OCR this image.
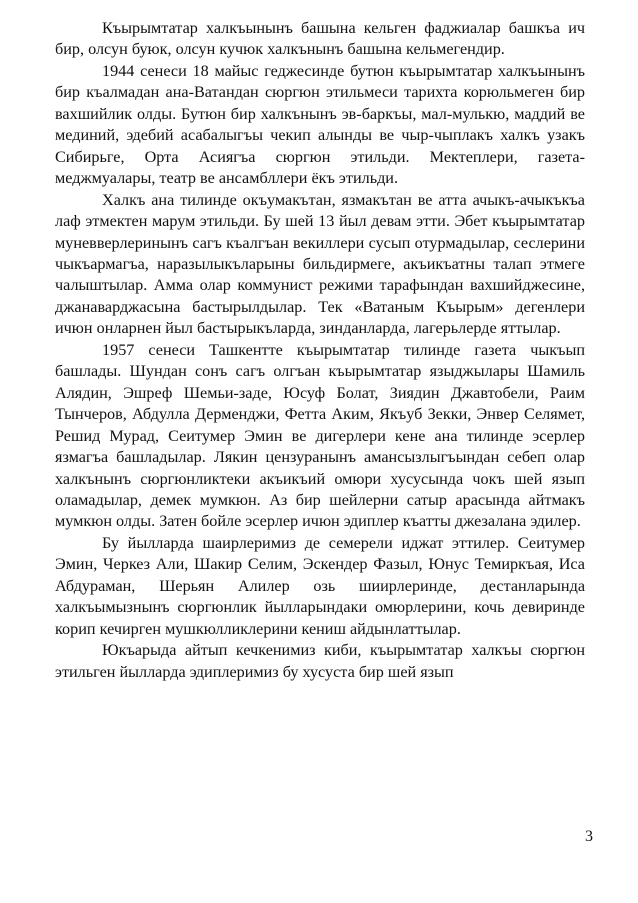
Къырымтатар халкъынынъ башына кельген фаджиалар башкъа ич бир, олсун буюк, олсун кучюк халкънынъ башына кельмегендир.

1944 сенеси 18 майыс геджесинде бутюн къырымтатар халкъынынъ бир къалмадан ана-Ватандан сюргюн этильмеси тарихта корюльмеген бир вахшийлик олды. Бутюн бир халкънынъ эв-баркъы, мал-мулькю, маддий ве мединий, эдебий асабалыгъы чекип алынды ве чыр-чыплакъ халкъ узакъ Сибирьге, Орта Асиягъа сюргюн этильди. Мектеплери, газета-меджмуалары, театр ве ансамбллери ёкъ этильди.

Халкъ ана тилинде окъумакътан, язмакътан ве атта ачыкъ-ачыкъкъа лаф этмектен марум этильди. Бу шей 13 йыл девам этти. Эбет къырымтатар муневверлеринынъ сагъ къалгъан векиллери сусып отурмадылар, сеслерини чыкъармагъа, наразылыкъларыны бильдирмеге, акъикъатны талап этмеге чалыштылар. Амма олар коммунист режими тарафындан вахшийджесине, джанаварджасына бастырылдылар. Тек «Ватаным Къырым» дегенлери ичюн онларнен йыл бастырыкъларда, зинданларда, лагерьлерде яттылар.

1957 сенеси Ташкентте къырымтатар тилинде газета чыкъып башлады. Шундан сонъ сагъ олгъан къырымтатар языджылары Шамиль Алядин, Эшреф Шемьи-заде, Юсуф Болат, Зиядин Джавтобели, Раим Тынчеров, Абдулла Дерменджи, Фетта Аким, Якъуб Зекки, Энвер Селямет, Решид Мурад, Сеитумер Эмин ве дигерлери кене ана тилинде эсерлер язмагъа башладылар. Лякин цензуранынъ амансызлыгъындан себеп олар халкънынъ сюргюнликтеки акъикъий омюри хусусында чокъ шей язып оламадылар, демек мумкюн. Аз бир шейлерни сатыр арасында айтмакъ мумкюн олды. Затен бойле эсерлер ичюн эдиплер къатты джезалана эдилер.

Бу йылларда шаирлеримиз де семерели иджат эттилер. Сеитумер Эмин, Черкез Али, Шакир Селим, Эскендер Фазыл, Юнус Темиркъая, Иса Абдураман, Шерьян Алилер озь шиирлеринде, дестанларында халкъымызнынъ сюргюнлик йылларындаки омюрлерини, кочь девиринде корип кечирген мушкюлликлерини кениш айдынлаттылар.

Юкъарыда айтып кечкенимиз киби, къырымтатар халкъы сюргюн этильген йылларда эдиплеримиз бу хусуста бир шей язып

3
